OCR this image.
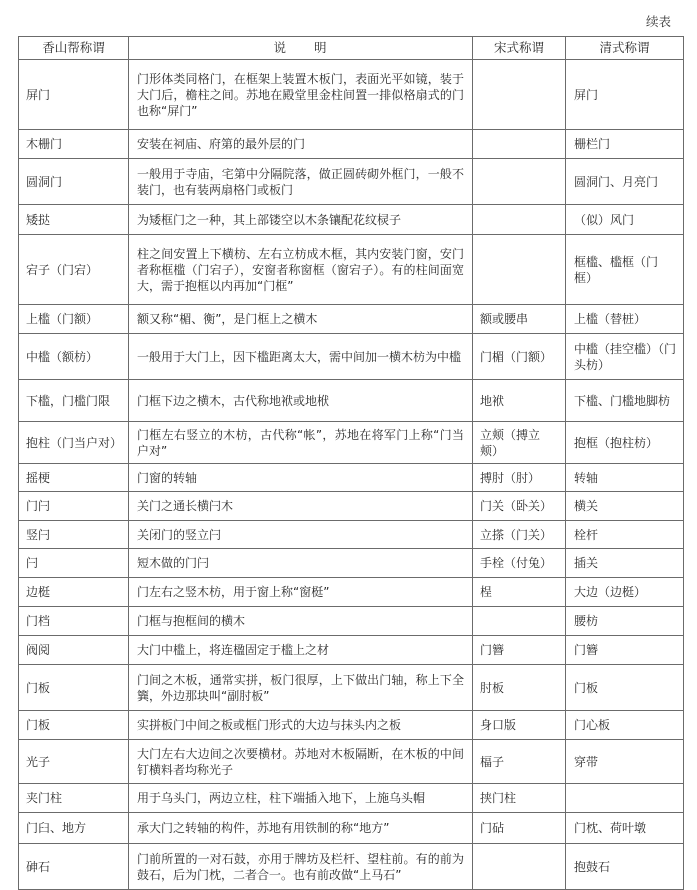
续表
香山帮称谓	说　　明	宋式称谓	清式称谓
屏门	门形体类同格门，在框架上装置木板门，表面光平如镜，装于大门后，檐柱之间。苏地在殿堂里金柱间置一排似格扇式的门也称“屏门”		屏门
木栅门	安装在祠庙、府第的最外层的门		栅栏门
圆洞门	一般用于寺庙，宅第中分隔院落，做正圆砖砌外框门，一般不装门，也有装两扇格门或板门		圆洞门、月亮门
矮挞	为矮框门之一种，其上部镂空以木条镶配花纹棂子		（似）风门
宕子（门宕）	柱之间安置上下横枋、左右立枋成木框，其内安装门窗，安门者称框槛（门宕子），安窗者称窗框（窗宕子）。有的柱间面宽大，需于抱框以内再加“门框”		框槛、槛框（门框）
上槛（门额）	额又称“楣、衡”，是门框上之横木	额或腰串	上槛（替桩）
中槛（额枋）	一般用于大门上，因下槛距离太大，需中间加一横木枋为中槛	门楣（门额）	中槛（挂空槛）（门头枋）
下槛，门槛门限	门框下边之横木，古代称地袱或地栿	地袱	下槛、门槛地脚枋
抱柱（门当户对）	门框左右竖立的木枋，古代称“帐”，苏地在将军门上称“门当户对”	立颊（搏立颊）	抱框（抱柱枋）
摇梗	门窗的转轴	搏肘（肘）	转轴
门闩	关门之通长横闩木	门关（卧关）	横关
竖闩	关闭门的竖立闩	立搽（门关）	栓杆
闩	短木做的门闩	手栓（付兔）	插关
边梃	门左右之竖木枋，用于窗上称“窗梃”	桯	大边（边梃）
门档	门框与抱框间的横木		腰枋
阀阅	大门中槛上，将连楹固定于槛上之材	门簪	门簪
门板	门间之木板，通常实拼，板门很厚，上下做出门轴，称上下全簨，外边那块叫“副肘板”	肘板	门板
门板	实拼板门中间之板或框门形式的大边与抹头内之板	身口版	门心板
光子	大门左右大边间之次要横材。苏地对木板隔断，在木板的中间钉横料者均称光子	楅子	穿带
夹门柱	用于乌头门，两边立柱，柱下端插入地下，上施乌头帽	挟门柱	
门臼、地方	承大门之转轴的构件，苏地有用铁制的称“地方”	门砧	门枕、荷叶墩
砷石	门前所置的一对石鼓，亦用于牌坊及栏杆、望柱前。有的前为鼓石，后为门枕，二者合一。也有前改做“上马石”		抱鼓石
